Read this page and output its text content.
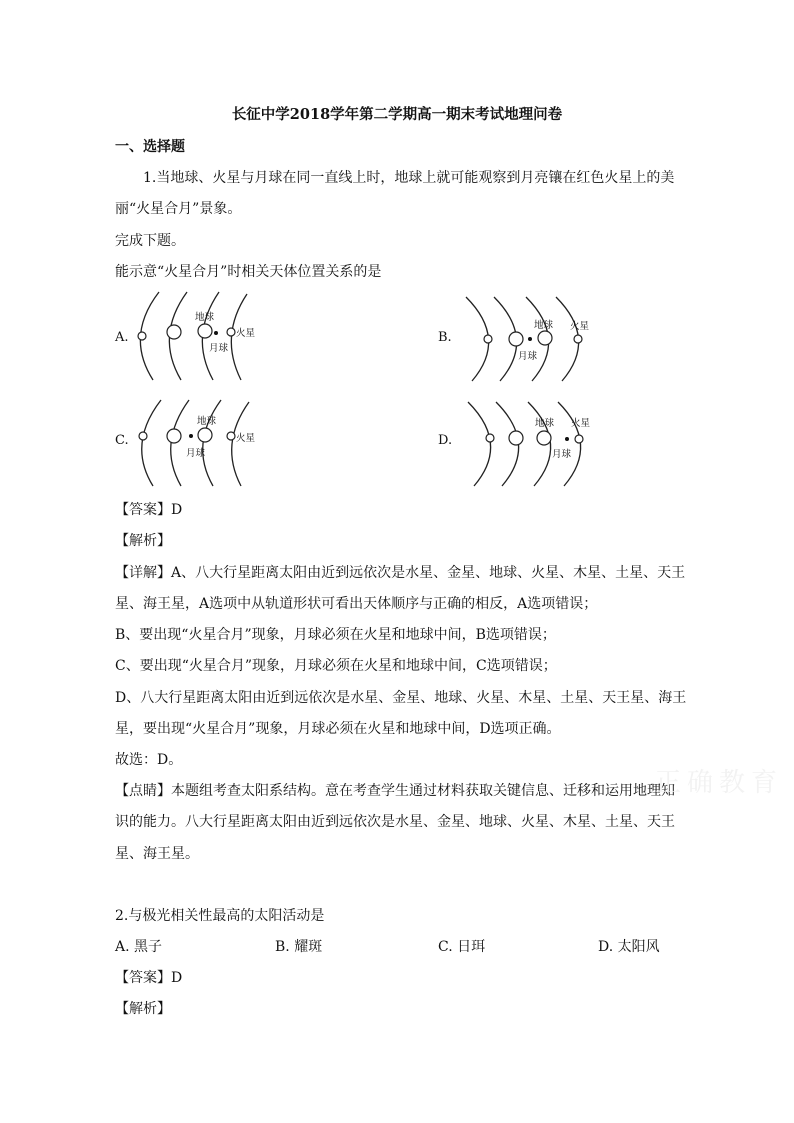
长征中学2018学年第二学期高一期末考试地理问卷
一、选择题
1.当地球、火星与月球在同一直线上时，地球上就可能观察到月亮镶在红色火星上的美
丽“火星合月”景象。
完成下题。
能示意“火星合月”时相关天体位置关系的是
A.
地球
月球
火星	B.
地球
月球
火星
C.
地球
月球
火星	D.
地球
月球
火星
【答案】D
【解析】
【详解】A、八大行星距离太阳由近到远依次是水星、金星、地球、火星、木星、土星、天王
星、海王星，A选项中从轨道形状可看出天体顺序与正确的相反，A选项错误；
B、要出现“火星合月”现象，月球必须在火星和地球中间，B选项错误；
C、要出现“火星合月”现象，月球必须在火星和地球中间，C选项错误；
D、八大行星距离太阳由近到远依次是水星、金星、地球、火星、木星、土星、天王星、海王
星，要出现“火星合月”现象，月球必须在火星和地球中间，D选项正确。
故选：D。
【点睛】本题组考查太阳系结构。意在考查学生通过材料获取关键信息、迁移和运用地理知
识的能力。八大行星距离太阳由近到远依次是水星、金星、地球、火星、木星、土星、天王
星、海王星。
正确教育
2.与极光相关性最高的太阳活动是
A. 黑子	B. 耀斑	C. 日珥	D. 太阳风
【答案】D
【解析】
